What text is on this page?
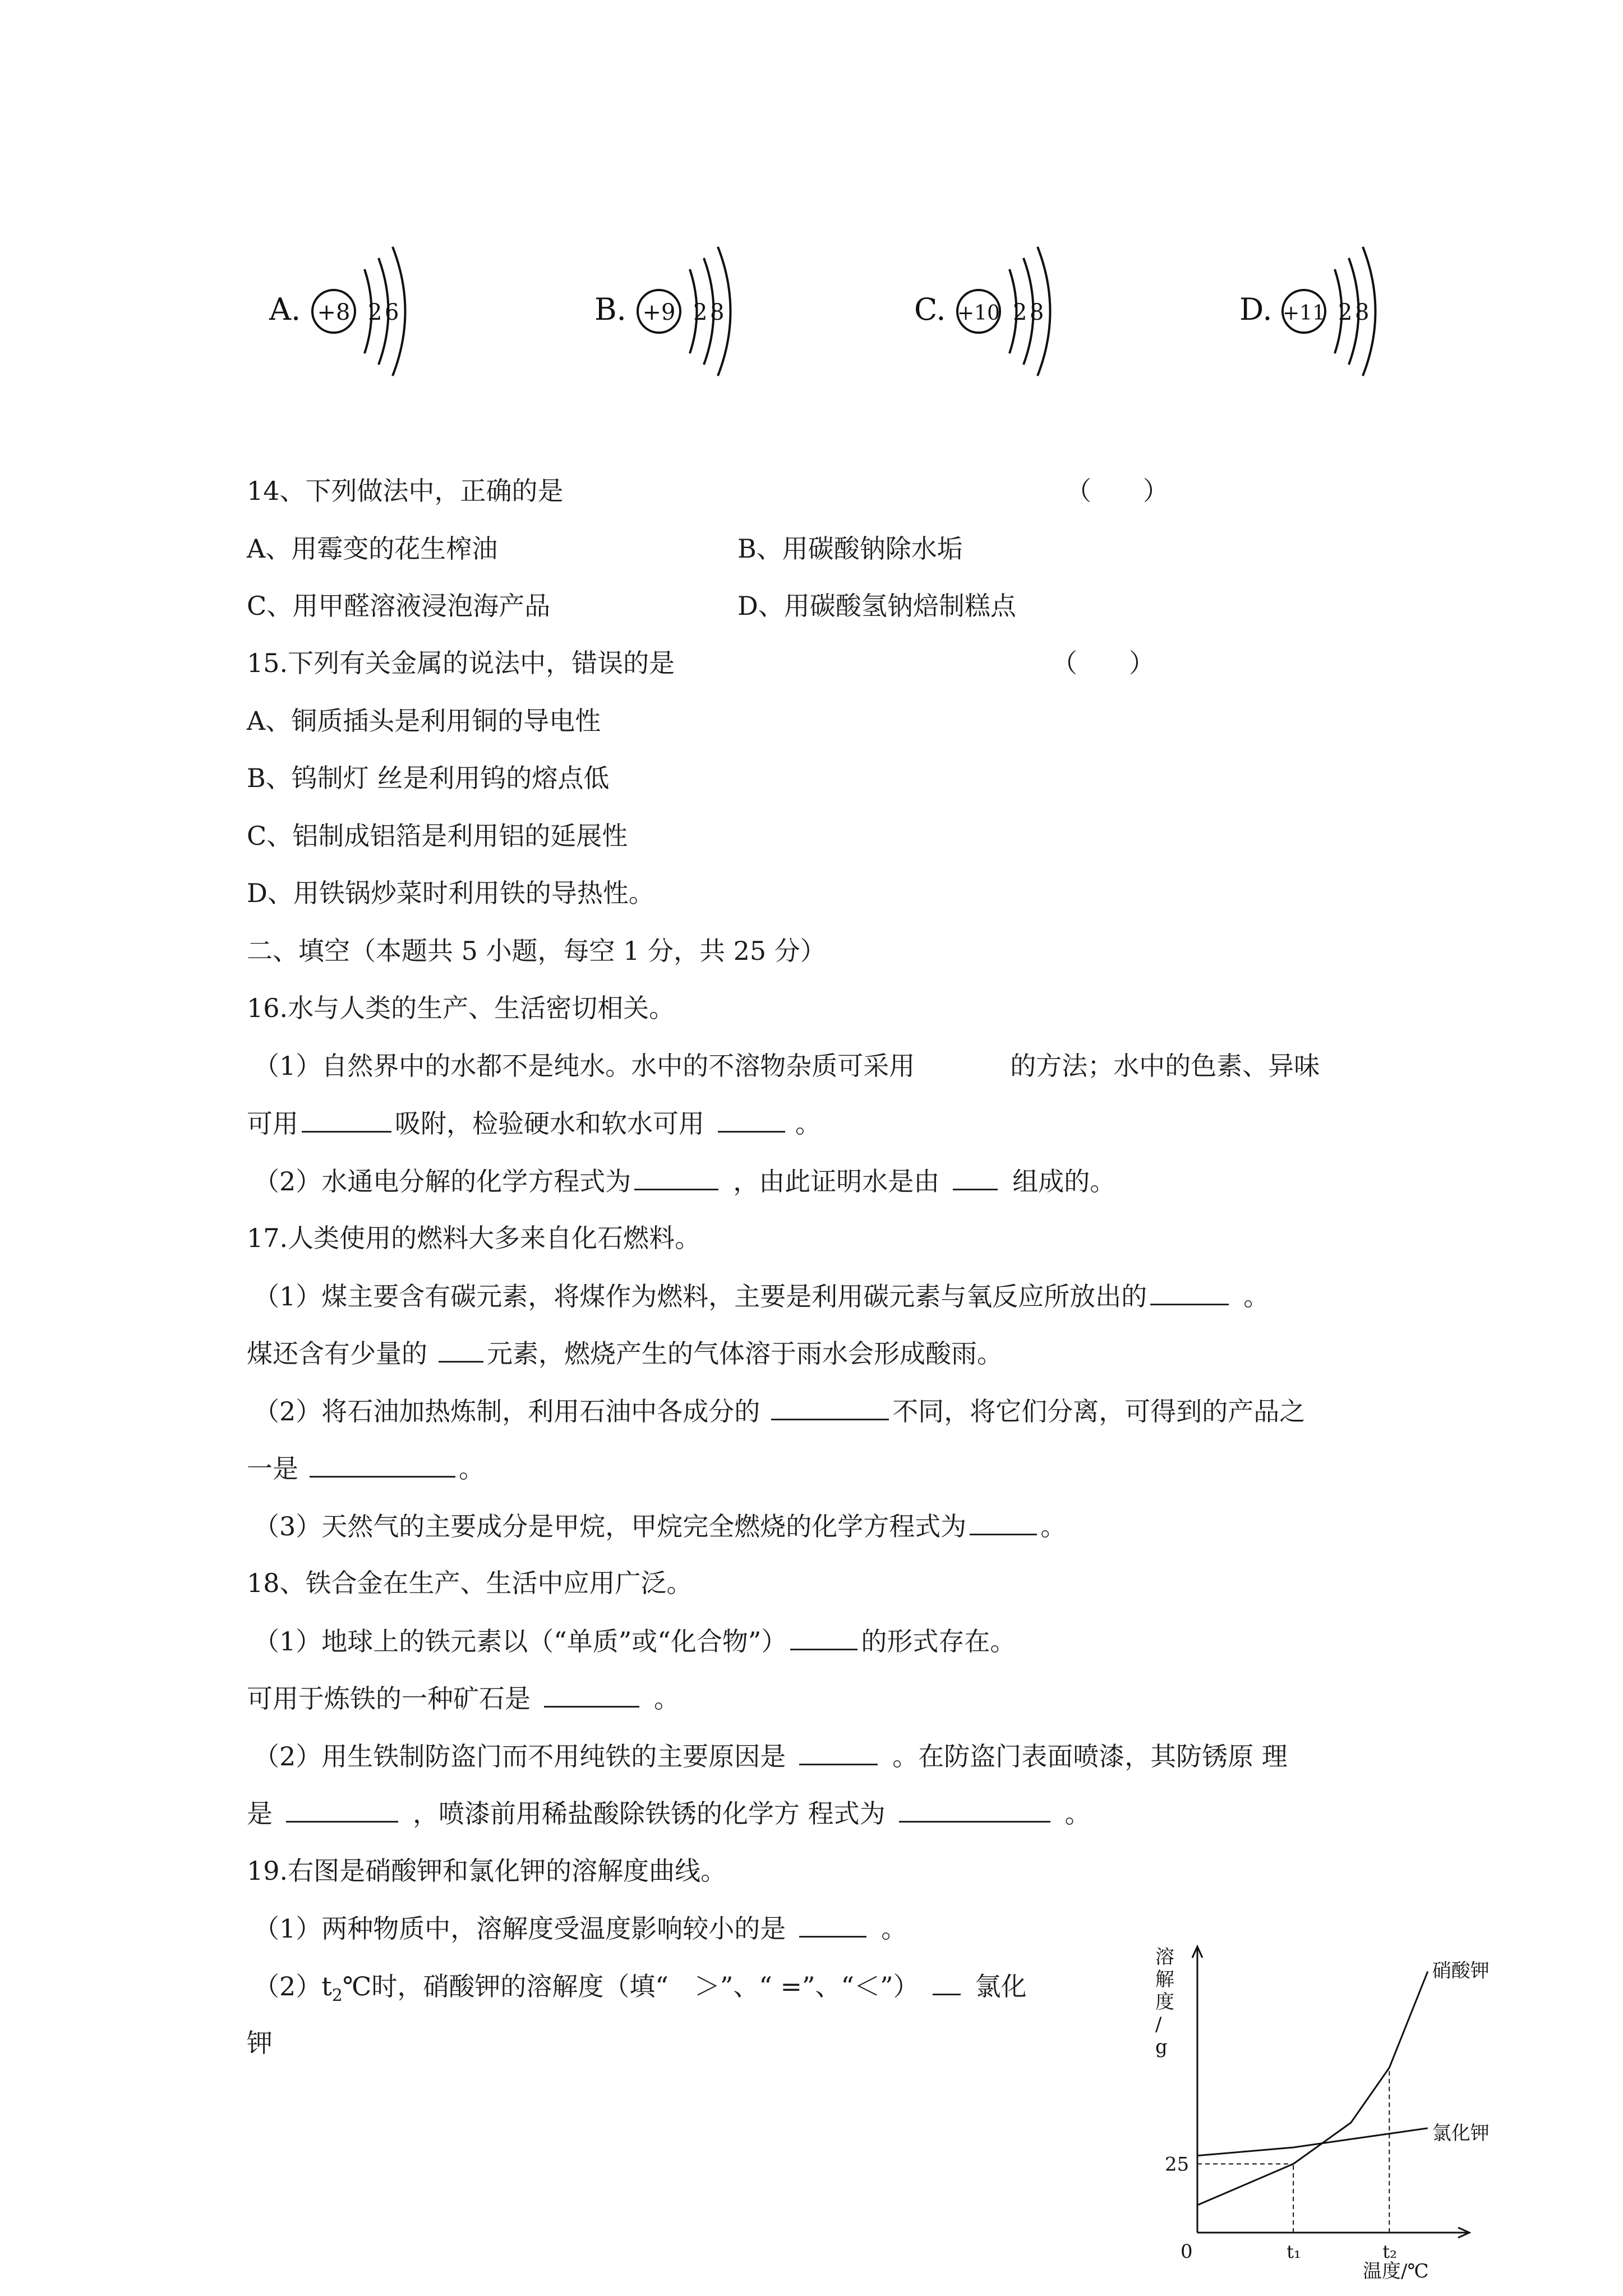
A. +8 2 6	B. +9 2 8	C. +10 2 8	D. +11 2 8
14、下列做法中，正确的是	（　　）
A、用霉变的花生榨油	B、用碳酸钠除水垢
C、用甲醛溶液浸泡海产品	D、用碳酸氢钠焙制糕点
15.下列有关金属的说法中，错误的是	（　　）
A、铜质插头是利用铜的导电性
B、钨制灯 丝是利用钨的熔点低
C、铝制成铝箔是利用铝的延展性
D、用铁锅炒菜时利用铁的导热性。
二、填空（本题共 5 小题，每空 1 分，共 25 分）
16.水与人类的生产、生活密切相关。
（1）自然界中的水都不是纯水。水中的不溶物杂质可采用	的方法；水中的色素、异味
可用	吸附，检验硬水和软水可用	。
（2）水通电分解的化学方程式为	，由此证明水是由	组成的。
17.人类使用的燃料大多来自化石燃料。
（1）煤主要含有碳元素，将煤作为燃料，主要是利用碳元素与氧反应所放出的	。
煤还含有少量的 元素，燃烧产生的气体溶于雨水会形成酸雨。
（2）将石油加热炼制，利用石油中各成分的	不同，将它们分离，可得到的产品之
一是	。
（3）天然气的主要成分是甲烷，甲烷完全燃烧的化学方程式为	。
18、铁合金在生产、生活中应用广泛。
（1）地球上的铁元素以（“单质”或“化合物”）	的形式存在。
可用于炼铁的一种矿石是	。
（2）用生铁制防盗门而不用纯铁的主要原因是	。在防盗门表面喷漆，其防锈原 理
是	，喷漆前用稀盐酸除铁锈的化学方 程式为	。
19.右图是硝酸钾和氯化钾的溶解度曲线。
（1）两种物质中，溶解度受温度影响较小的是	。
$(2)t_2℃$时，硝酸钾的溶解度（填“　＞”、“ =”、“＜”） 氯化
钾
硝酸钾
氯化钾
0	t₁	t₂
25
溶
解
度
/
g
温度/℃
